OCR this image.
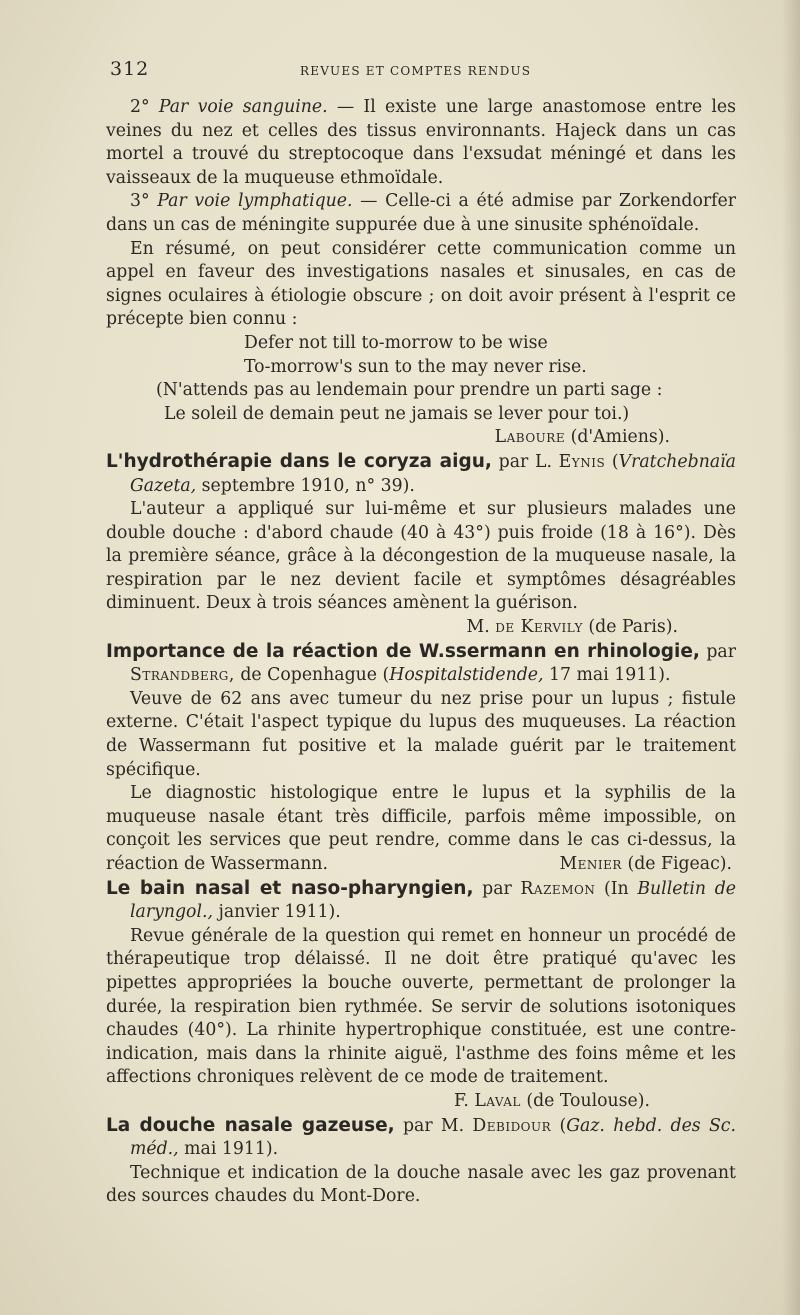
312	REVUES ET COMPTES RENDUS

2° Par voie sanguine. — Il existe une large anastomose entre les veines du nez et celles des tissus environnants. Hajeck dans un cas mortel a trouvé du streptocoque dans l'exsudat méningé et dans les vaisseaux de la muqueuse ethmoïdale.

3° Par voie lymphatique. — Celle-ci a été admise par Zorkendorfer dans un cas de méningite suppurée due à une sinusite sphénoïdale.

En résumé, on peut considérer cette communication comme un appel en faveur des investigations nasales et sinusales, en cas de signes oculaires à étiologie obscure ; on doit avoir présent à l'esprit ce précepte bien connu :

Defer not till to-morrow to be wise

To-morrow's sun to the may never rise.

(N'attends pas au lendemain pour prendre un parti sage :

Le soleil de demain peut ne jamais se lever pour toi.)

Laboure (d'Amiens).

L'hydrothérapie dans le coryza aigu, par L. Eynis (Vratchebnaïa Gazeta, septembre 1910, n° 39).

L'auteur a appliqué sur lui-même et sur plusieurs malades une double douche : d'abord chaude (40 à 43°) puis froide (18 à 16°). Dès la première séance, grâce à la décongestion de la muqueuse nasale, la respiration par le nez devient facile et symptômes désagréables diminuent. Deux à trois séances amènent la guérison.

M. de Kervily (de Paris).

Importance de la réaction de W.ssermann en rhinologie, par Strandberg, de Copenhague (Hospitalstidende, 17 mai 1911).

Veuve de 62 ans avec tumeur du nez prise pour un lupus ; fistule externe. C'était l'aspect typique du lupus des muqueuses. La réaction de Wassermann fut positive et la malade guérit par le traitement spécifique.

Le diagnostic histologique entre le lupus et la syphilis de la muqueuse nasale étant très difficile, parfois même impossible, on conçoit les services que peut rendre, comme dans le cas ci-dessus, la réaction de Wassermann.	Menier (de Figeac).

Le bain nasal et naso-pharyngien, par Razemon (In Bulletin de laryngol., janvier 1911).

Revue générale de la question qui remet en honneur un procédé de thérapeutique trop délaissé. Il ne doit être pratiqué qu'avec les pipettes appropriées la bouche ouverte, permettant de prolonger la durée, la respiration bien rythmée. Se servir de solutions isotoniques chaudes (40°). La rhinite hypertrophique constituée, est une contre-indication, mais dans la rhinite aiguë, l'asthme des foins même et les affections chroniques relèvent de ce mode de traitement.

F. Laval (de Toulouse).

La douche nasale gazeuse, par M. Debidour (Gaz. hebd. des Sc. méd., mai 1911).

Technique et indication de la douche nasale avec les gaz provenant des sources chaudes du Mont-Dore.
